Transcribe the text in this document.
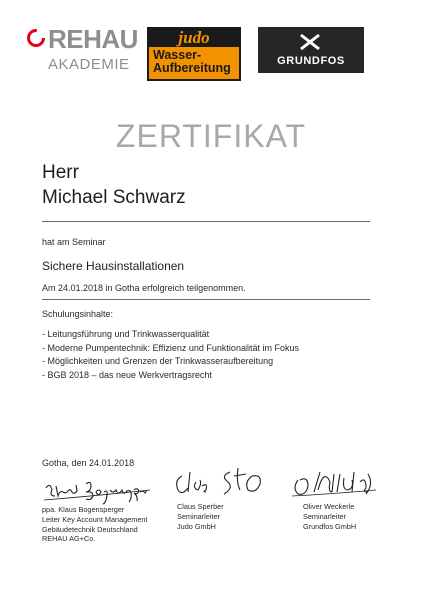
REHAU
AKADEMIE
judo
Wasser-
Aufbereitung	GRUNDFOS
ZERTIFIKAT
Herr
Michael Schwarz
hat am Seminar
Sichere Hausinstallationen
Am 24.01.2018 in Gotha erfolgreich teilgenommen.
Schulungsinhalte:
- Leitungsführung und Trinkwasserqualität
- Moderne Pumpentechnik: Effizienz und Funktionalität im Fokus
- Möglichkeiten und Grenzen der Trinkwasseraufbereitung
- BGB 2018 – das neue Werkvertragsrecht
Gotha, den 24.01.2018
ppa. Klaus Bogensperger
Leiter Key Account Management
Gebäudetechnik Deutschland
REHAU AG+Co.
Claus Sperber
Seminarleiter
Judo GmbH
Oliver Weckerle
Seminarleiter
Grundfos GmbH
